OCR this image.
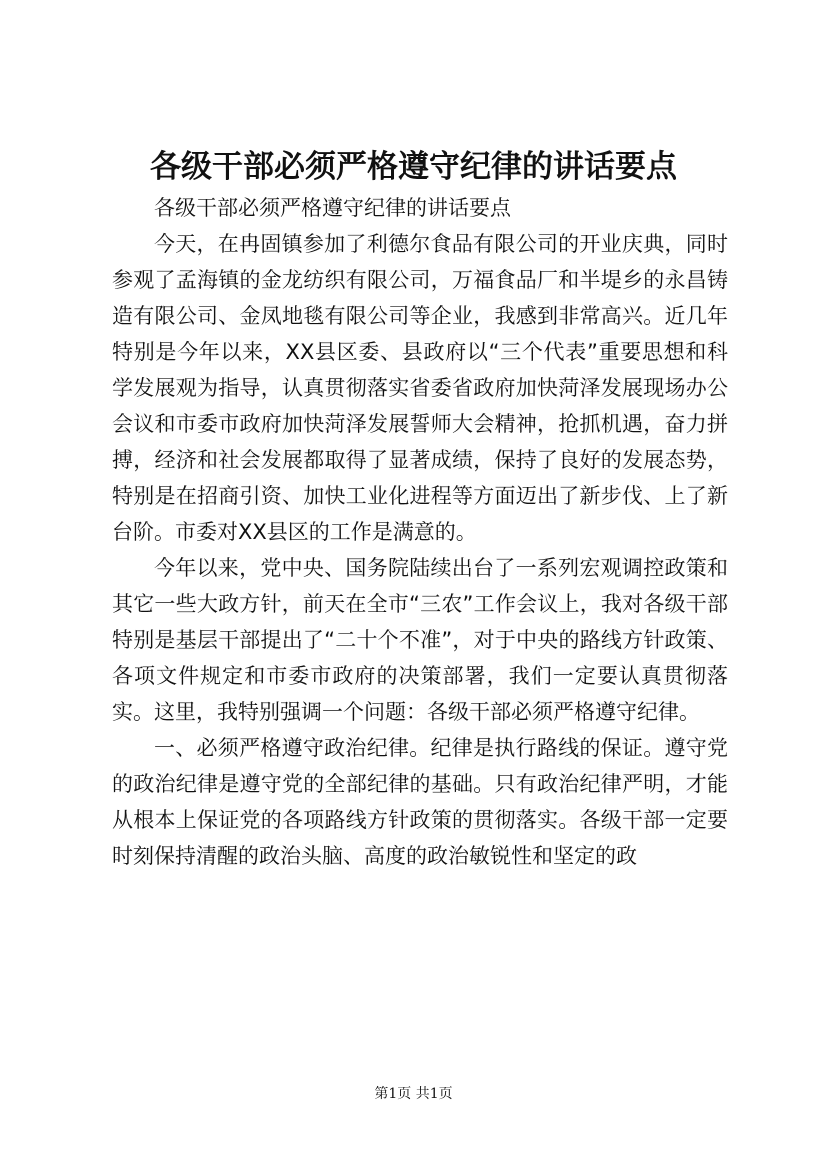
各级干部必须严格遵守纪律的讲话要点

各级干部必须严格遵守纪律的讲话要点

今天，在冉固镇参加了利德尔食品有限公司的开业庆典，同时参观了孟海镇的金龙纺织有限公司，万福食品厂和半堤乡的永昌铸造有限公司、金凤地毯有限公司等企业，我感到非常高兴。近几年特别是今年以来，XX县区委、县政府以“三个代表”重要思想和科学发展观为指导，认真贯彻落实省委省政府加快菏泽发展现场办公会议和市委市政府加快菏泽发展誓师大会精神，抢抓机遇，奋力拼搏，经济和社会发展都取得了显著成绩，保持了良好的发展态势，特别是在招商引资、加快工业化进程等方面迈出了新步伐、上了新台阶。市委对XX县区的工作是满意的。

今年以来，党中央、国务院陆续出台了一系列宏观调控政策和其它一些大政方针，前天在全市“三农”工作会议上，我对各级干部特别是基层干部提出了“二十个不准”，对于中央的路线方针政策、各项文件规定和市委市政府的决策部署，我们一定要认真贯彻落实。这里，我特别强调一个问题：各级干部必须严格遵守纪律。

一、必须严格遵守政治纪律。纪律是执行路线的保证。遵守党的政治纪律是遵守党的全部纪律的基础。只有政治纪律严明，才能从根本上保证党的各项路线方针政策的贯彻落实。各级干部一定要时刻保持清醒的政治头脑、高度的政治敏锐性和坚定的政

第1页 共1页
